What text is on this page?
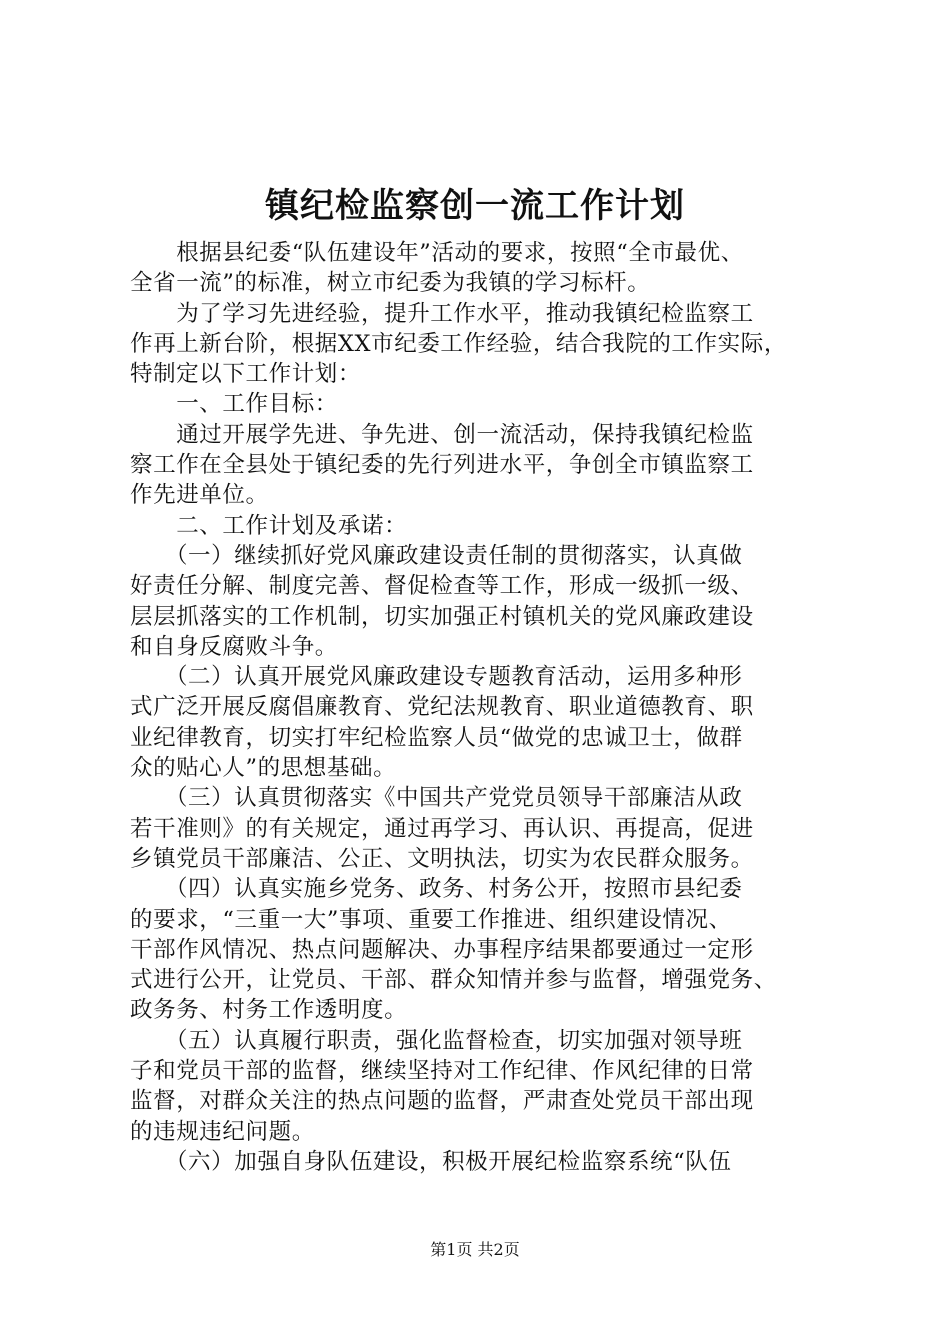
镇纪检监察创一流工作计划
　　根据县纪委“队伍建设年”活动的要求，按照“全市最优、
全省一流”的标准，树立市纪委为我镇的学习标杆。
　　为了学习先进经验，提升工作水平，推动我镇纪检监察工
作再上新台阶，根据XX市纪委工作经验，结合我院的工作实际，
特制定以下工作计划：
　　一、工作目标：
　　通过开展学先进、争先进、创一流活动，保持我镇纪检监
察工作在全县处于镇纪委的先行列进水平，争创全市镇监察工
作先进单位。
　　二、工作计划及承诺：
　　（一）继续抓好党风廉政建设责任制的贯彻落实，认真做
好责任分解、制度完善、督促检查等工作，形成一级抓一级、
层层抓落实的工作机制，切实加强正村镇机关的党风廉政建设
和自身反腐败斗争。
　　（二）认真开展党风廉政建设专题教育活动，运用多种形
式广泛开展反腐倡廉教育、党纪法规教育、职业道德教育、职
业纪律教育，切实打牢纪检监察人员“做党的忠诚卫士，做群
众的贴心人”的思想基础。
　　（三）认真贯彻落实《中国共产党党员领导干部廉洁从政
若干准则》的有关规定，通过再学习、再认识、再提高，促进
乡镇党员干部廉洁、公正、文明执法，切实为农民群众服务。
　　（四）认真实施乡党务、政务、村务公开，按照市县纪委
的要求，“三重一大”事项、重要工作推进、组织建设情况、
干部作风情况、热点问题解决、办事程序结果都要通过一定形
式进行公开，让党员、干部、群众知情并参与监督，增强党务、
政务务、村务工作透明度。
　　（五）认真履行职责，强化监督检查，切实加强对领导班
子和党员干部的监督，继续坚持对工作纪律、作风纪律的日常
监督，对群众关注的热点问题的监督，严肃查处党员干部出现
的违规违纪问题。
　　（六）加强自身队伍建设，积极开展纪检监察系统“队伍
第1页 共2页
